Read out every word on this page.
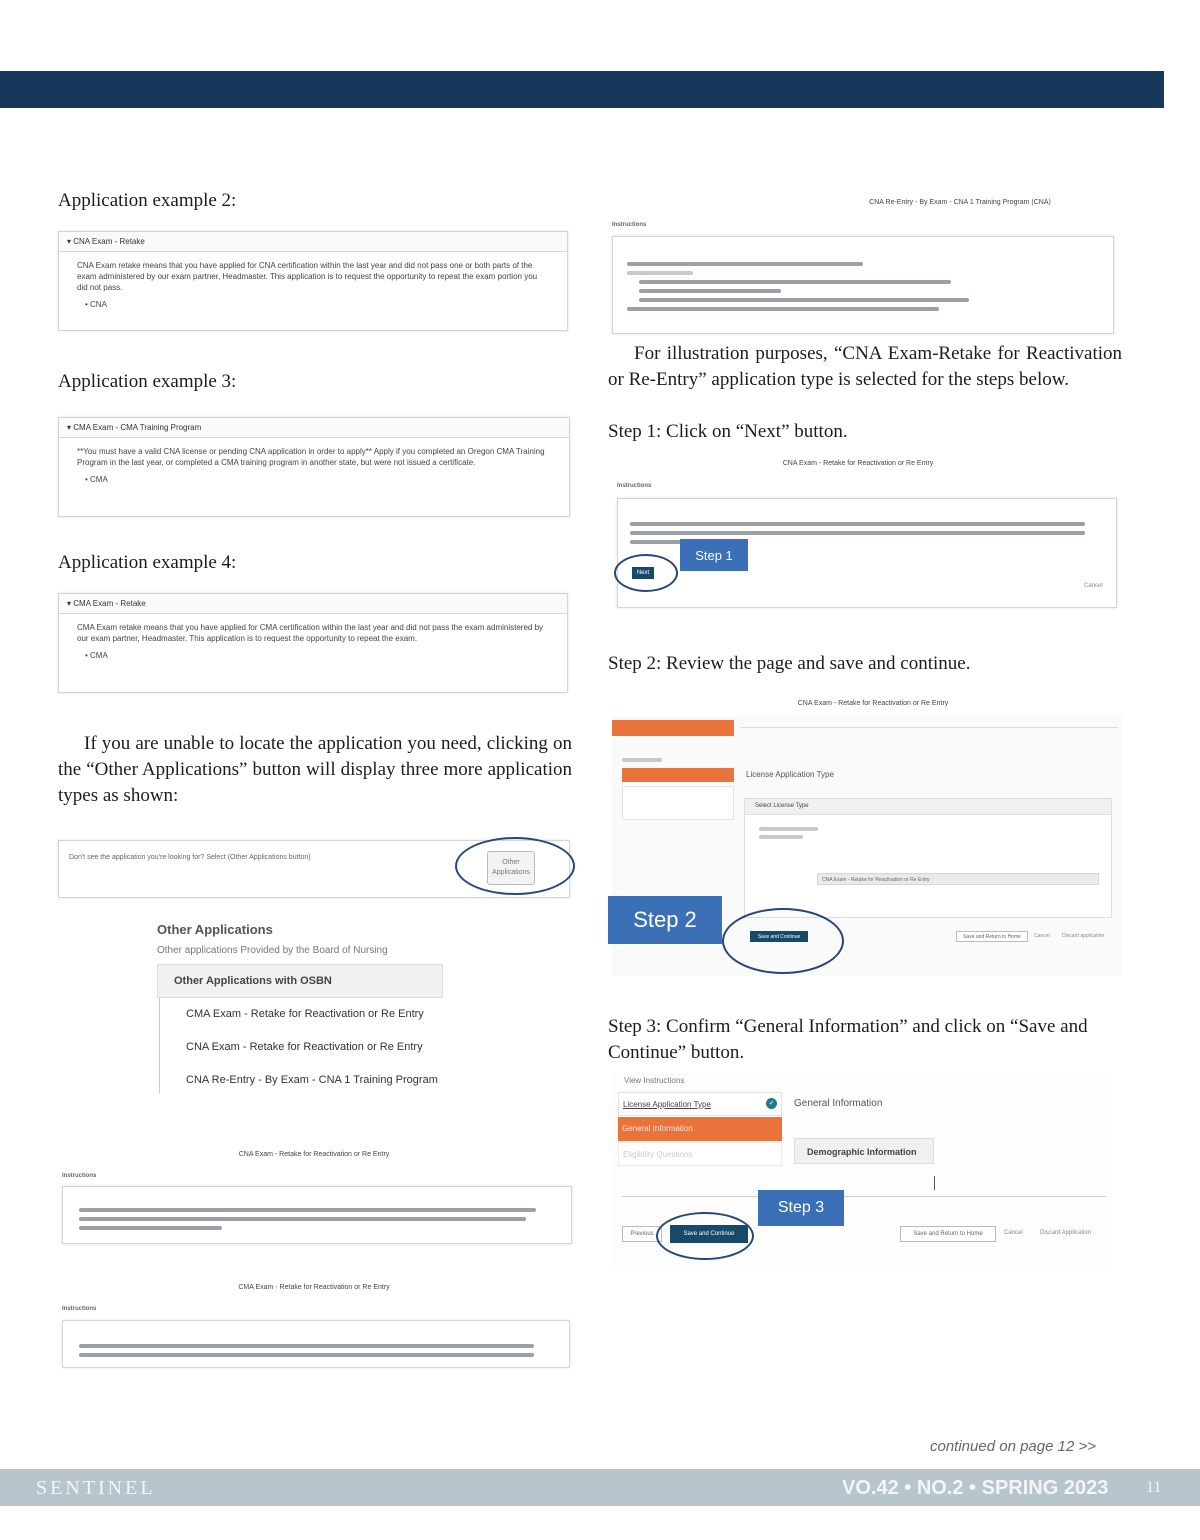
Application example 2:
▾ CNA Exam - Retake
CNA Exam retake means that you have applied for CNA certification within the last year and did not pass one or both parts of the exam administered by our exam partner, Headmaster. This application is to request the opportunity to repeat the exam portion you did not pass.
• CNA
Application example 3:
▾ CMA Exam - CMA Training Program
**You must have a valid CNA license or pending CNA application in order to apply** Apply if you completed an Oregon CMA Training Program in the last year, or completed a CMA training program in another state, but were not issued a certificate.
• CMA
Application example 4:
▾ CMA Exam - Retake
CMA Exam retake means that you have applied for CMA certification within the last year and did not pass the exam administered by our exam partner, Headmaster. This application is to request the opportunity to repeat the exam.
• CMA
If you are unable to locate the application you need, clicking on the “Other Applications” button will display three more application types as shown:
Don't see the application you're looking for? Select (Other Applications button)
Other Applications
Other Applications
Other applications Provided by the Board of Nursing
Other Applications with OSBN
CMA Exam - Retake for Reactivation or Re Entry
CNA Exam - Retake for Reactivation or Re Entry
CNA Re-Entry - By Exam - CNA 1 Training Program
CNA Exam - Retake for Reactivation or Re Entry
Instructions
CMA Exam - Retake for Reactivation or Re Entry
Instructions
CNA Re-Entry - By Exam - CNA 1 Training Program (CNA)
Instructions
For illustration purposes, “CNA Exam-Retake for Reactivation or Re-Entry” application type is selected for the steps below.
Step 1: Click on “Next” button.
CNA Exam - Retake for Reactivation or Re Entry
Instructions
Next
Step 1
Cancel
Step 2: Review the page and save and continue.
CNA Exam - Retake for Reactivation or Re Entry
License Application Type
Select License Type
CNA Exam - Retake for Reactivation or Re Entry
Save and Continue
Step 2
Save and Return to Home	Cancel Discard application
Step 3: Confirm “General Information” and click on “Save and Continue” button.
View Instructions
License Application Type	✓
General Information
Eligibility Questions
General Information
Demographic Information
Previous	Save and Continue
Step 3
Save and Return to Home	Cancel	Discard Application
continued on page 12 >>
SENTINEL	VO.42 • NO.2 • SPRING 2023 11
